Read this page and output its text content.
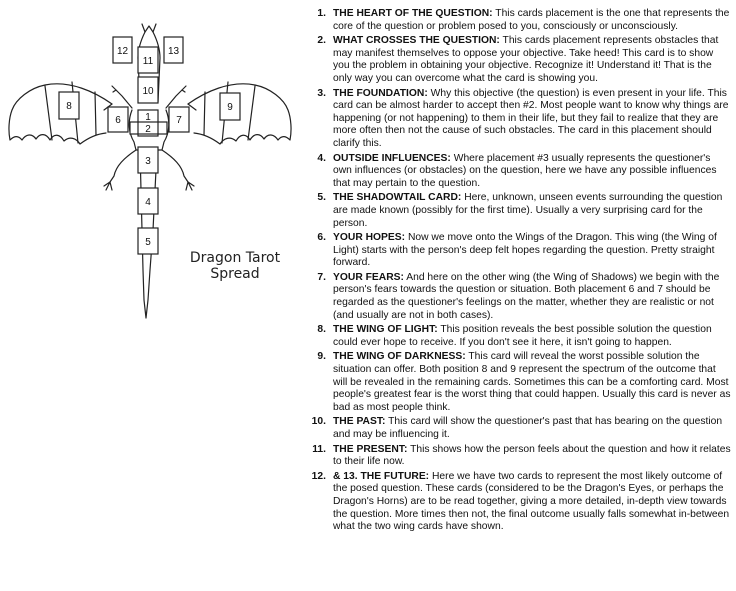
12	13
11
10
8	9
6	7
1
2
3
4
5
Dragon Tarot
Spread
1. THE HEART OF THE QUESTION: This cards placement is the one that represents the core of the question or problem posed to you, consciously or unconsciously.
2. WHAT CROSSES THE QUESTION: This cards placement represents obstacles that may manifest themselves to oppose your objective. Take heed! This card is to show you the problem in obtaining your objective. Recognize it! Understand it! That is the only way you can overcome what the card is showing you.
3. THE FOUNDATION: Why this objective (the question) is even present in your life. This card can be almost harder to accept then #2. Most people want to know why things are happening (or not happening) to them in their life, but they fail to realize that they are more often then not the cause of such obstacles. The card in this placement should clarify this.
4. OUTSIDE INFLUENCES: Where placement #3 usually represents the questioner's own influences (or obstacles) on the question, here we have any possible influences that may pertain to the question.
5. THE SHADOWTAIL CARD: Here, unknown, unseen events surrounding the question are made known (possibly for the first time). Usually a very surprising card for the person.
6. YOUR HOPES: Now we move onto the Wings of the Dragon. This wing (the Wing of Light) starts with the person's deep felt hopes regarding the question. Pretty straight forward.
7. YOUR FEARS: And here on the other wing (the Wing of Shadows) we begin with the person's fears towards the question or situation. Both placement 6 and 7 should be regarded as the questioner's feelings on the matter, whether they are realistic or not (and usually are not in both cases).
8. THE WING OF LIGHT: This position reveals the best possible solution the question could ever hope to receive. If you don't see it here, it isn't going to happen.
9. THE WING OF DARKNESS: This card will reveal the worst possible solution the situation can offer. Both position 8 and 9 represent the spectrum of the outcome that will be revealed in the remaining cards. Sometimes this can be a comforting card. Most people's greatest fear is the worst thing that could happen. Usually this card is never as bad as most people think.
10. THE PAST: This card will show the questioner's past that has bearing on the question and may be influencing it.
11. THE PRESENT: This shows how the person feels about the question and how it relates to their life now.
12. & 13. THE FUTURE: Here we have two cards to represent the most likely outcome of the posed question. These cards (considered to be the Dragon's Eyes, or perhaps the Dragon's Horns) are to be read together, giving a more detailed, in-depth view towards the question. More times then not, the final outcome usually falls somewhat in-between what the two wing cards have shown.
